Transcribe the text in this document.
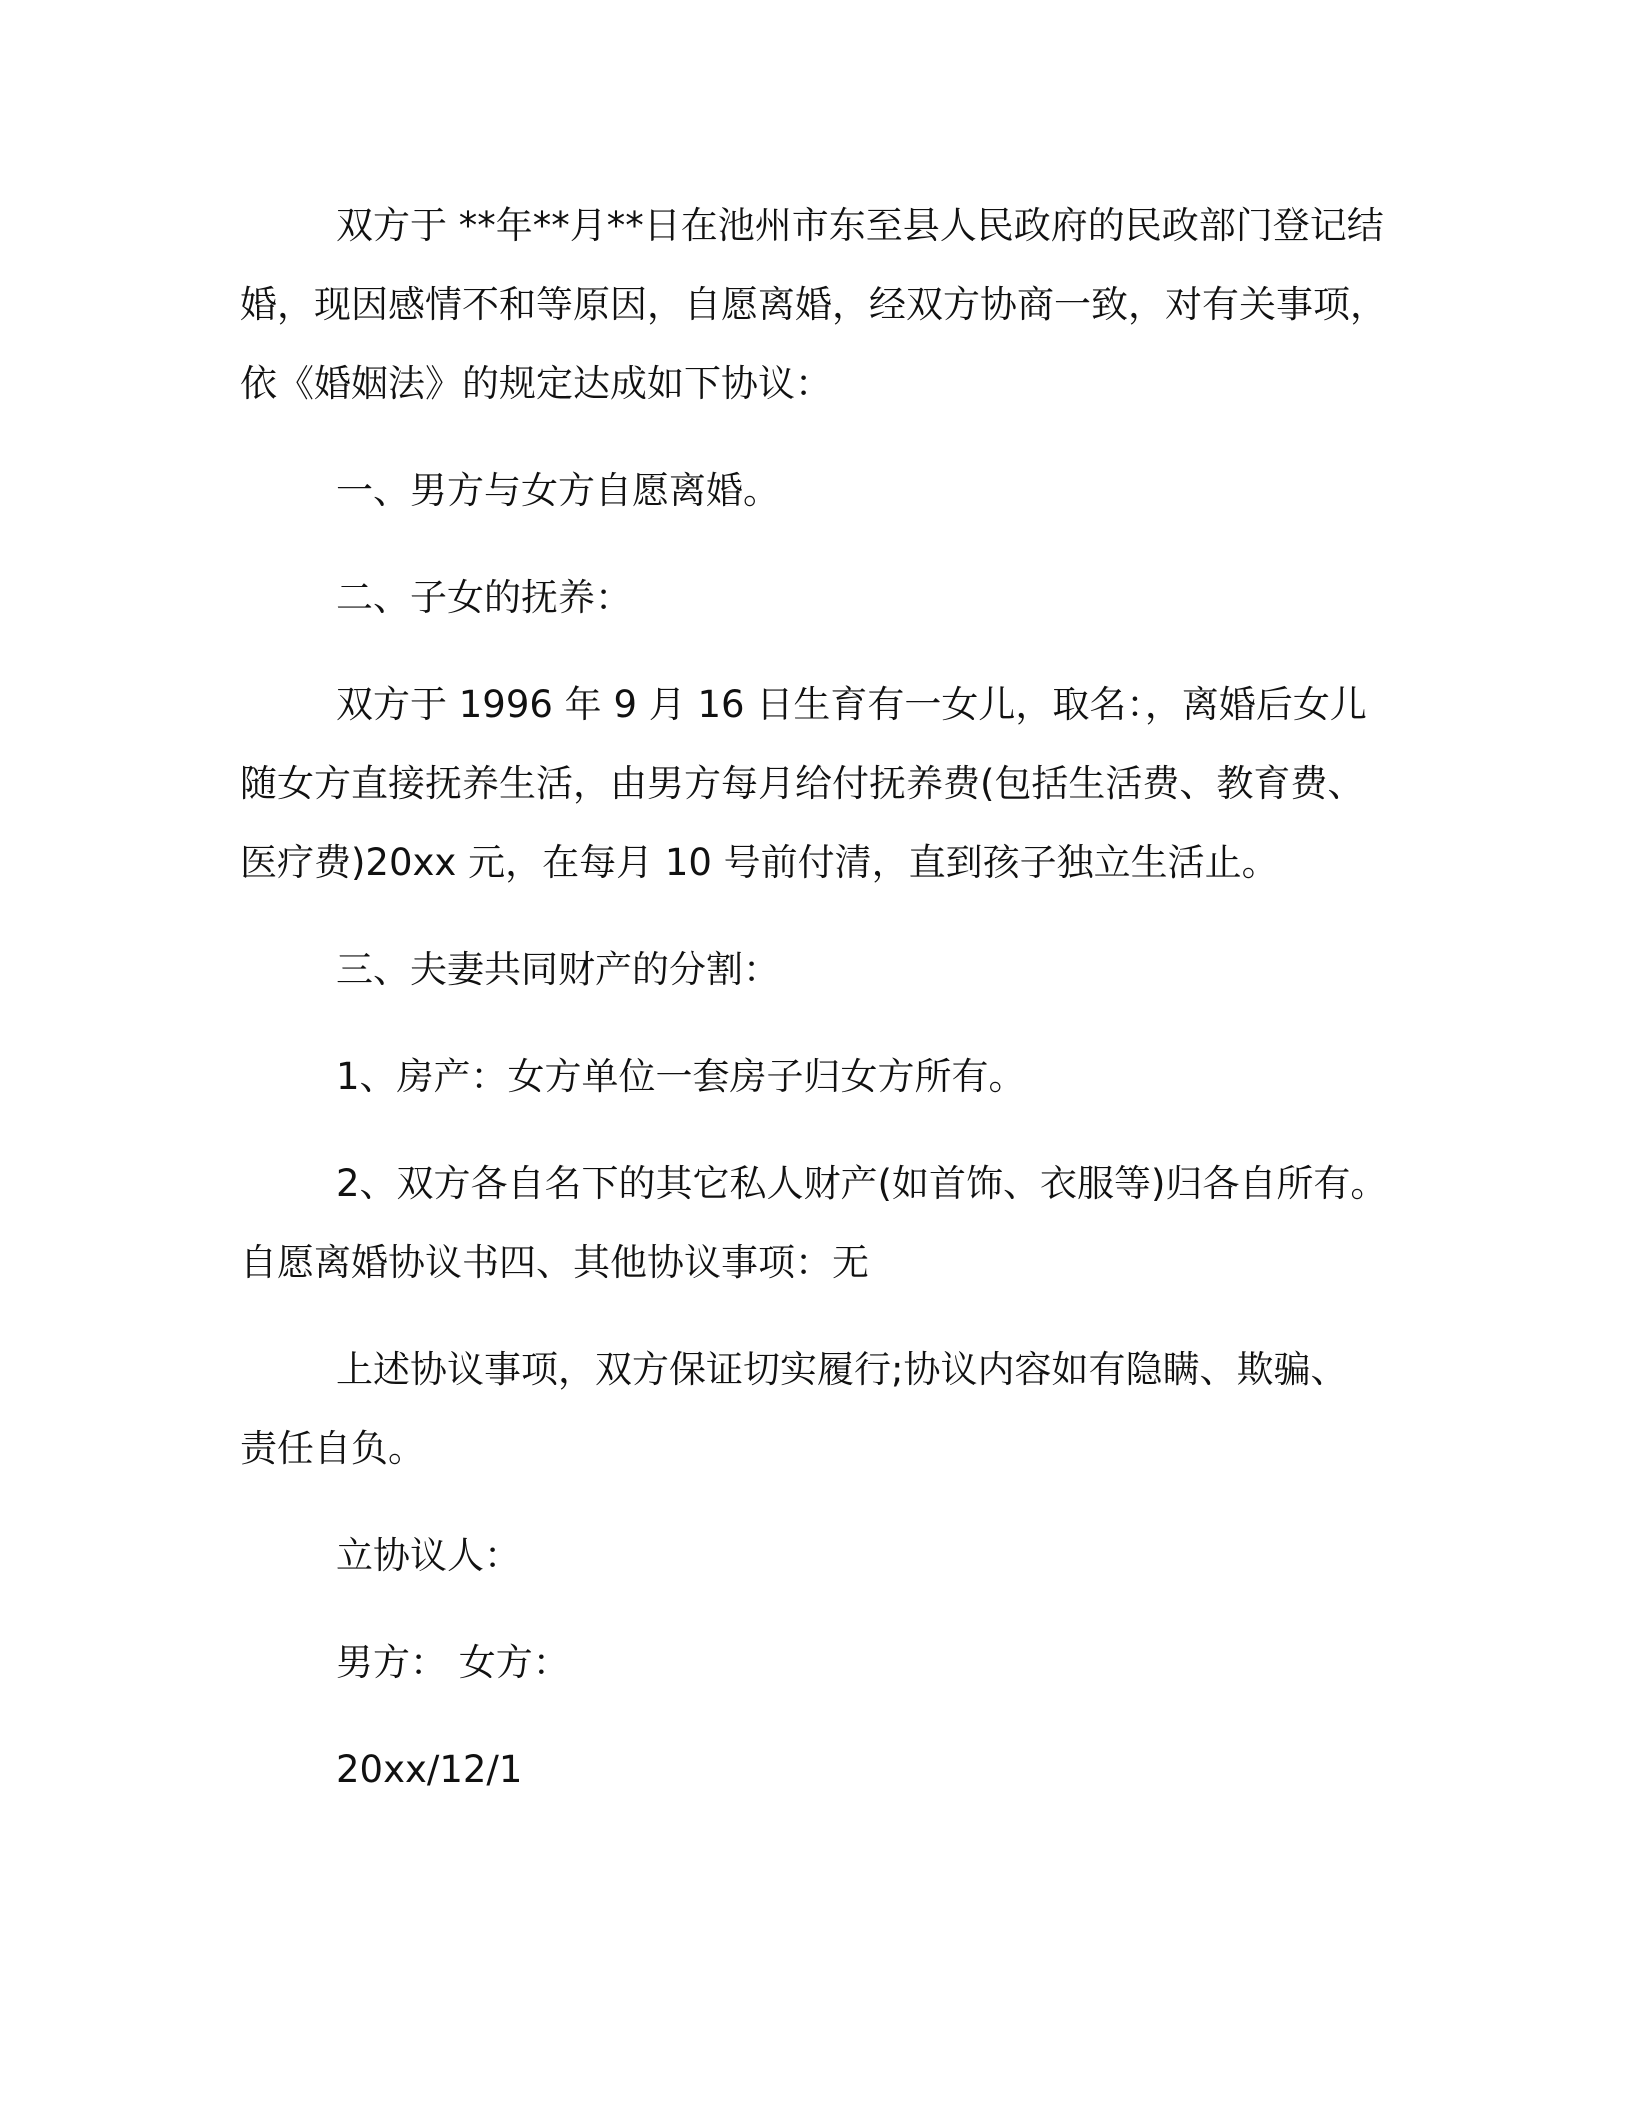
双方于 **年**月**日在池州市东至县人民政府的民政部门登记结
婚，现因感情不和等原因，自愿离婚，经双方协商一致，对有关事项，
依《婚姻法》的规定达成如下协议：
一、男方与女方自愿离婚。
二、子女的抚养：
双方于 1996 年 9 月 16 日生育有一女儿，取名：，离婚后女儿
随女方直接抚养生活，由男方每月给付抚养费(包括生活费、教育费、
医疗费)20xx 元，在每月 10 号前付清，直到孩子独立生活止。
三、夫妻共同财产的分割：
1、房产：女方单位一套房子归女方所有。
2、双方各自名下的其它私人财产(如首饰、衣服等)归各自所有。
自愿离婚协议书四、其他协议事项：无
上述协议事项，双方保证切实履行;协议内容如有隐瞒、欺骗、
责任自负。
立协议人：
男方： 女方：
20xx/12/1
